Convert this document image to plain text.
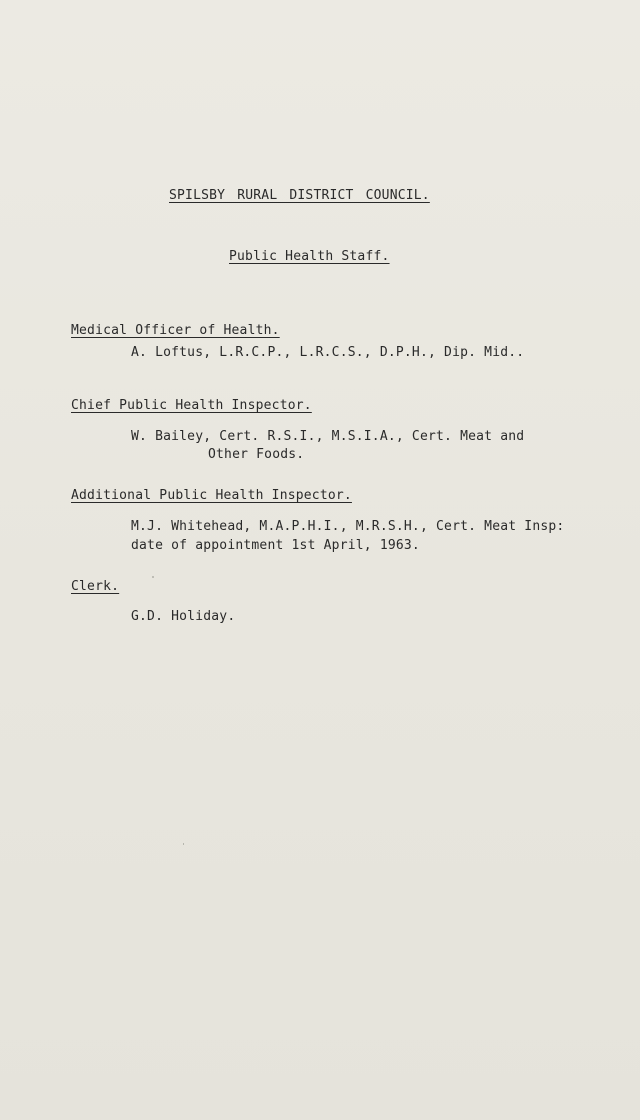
SPILSBY RURAL DISTRICT COUNCIL.
Public Health Staff.
Medical Officer of Health.
A. Loftus, L.R.C.P., L.R.C.S., D.P.H., Dip. Mid..
Chief Public Health Inspector.
W. Bailey, Cert. R.S.I., M.S.I.A., Cert. Meat and
Other Foods.
Additional Public Health Inspector.
M.J. Whitehead, M.A.P.H.I., M.R.S.H., Cert. Meat Insp:
date of appointment 1st April, 1963.
Clerk.
G.D. Holiday.
